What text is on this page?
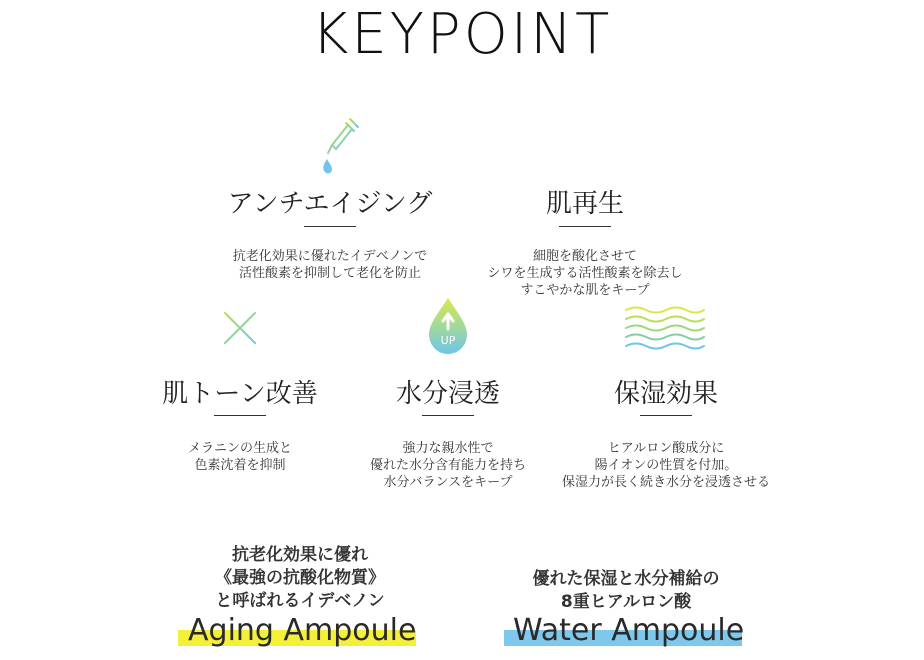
KEYPOINT
アンチエイジング
抗老化効果に優れたイデベノンで
活性酸素を抑制して老化を防止
肌再生
細胞を酸化させて
シワを生成する活性酸素を除去し
すこやかな肌をキープ
肌トーン改善
メラニンの生成と
色素沈着を抑制
UP
水分浸透
強力な親水性で
優れた水分含有能力を持ち
水分バランスをキープ
保湿効果
ヒアルロン酸成分に
陽イオンの性質を付加。
保湿力が長く続き水分を浸透させる
抗老化効果に優れ
《最強の抗酸化物質》
と呼ばれるイデベノン
Aging Ampoule
優れた保湿と水分補給の
8重ヒアルロン酸
Water Ampoule
